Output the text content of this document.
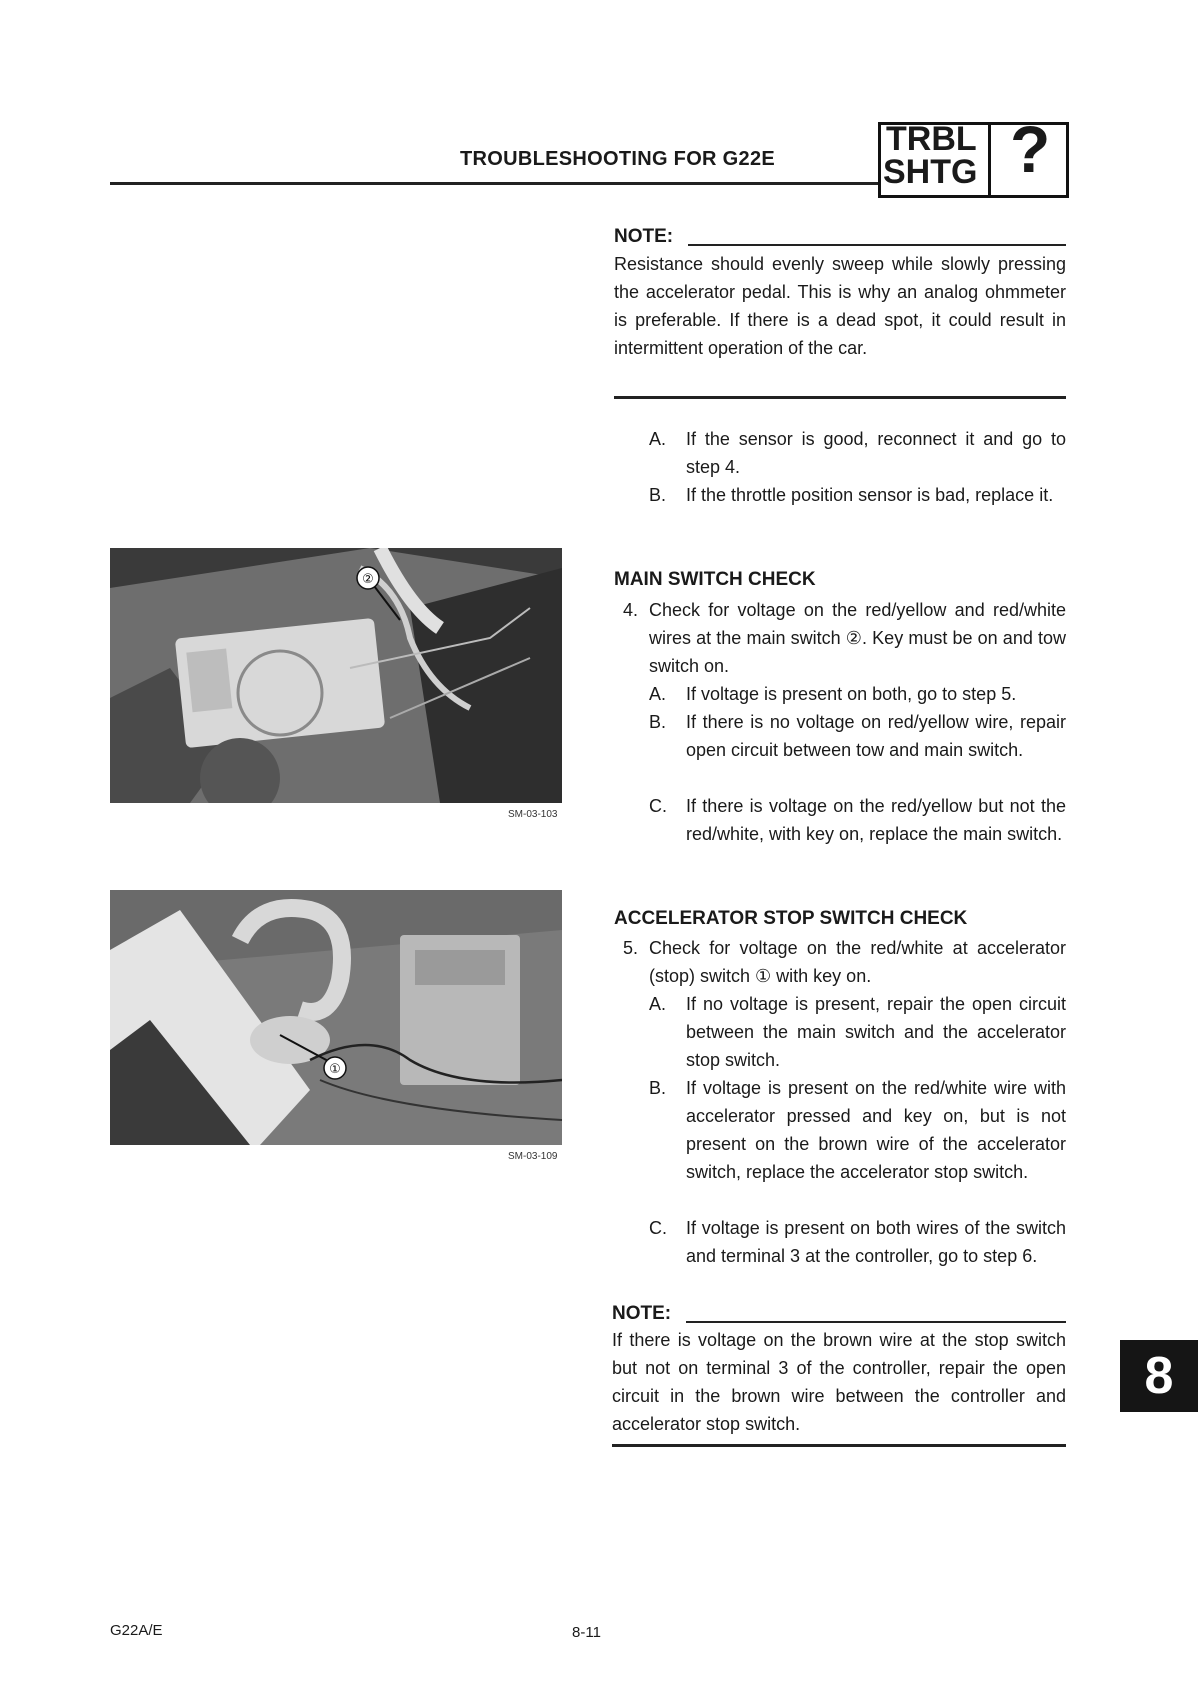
TROUBLESHOOTING FOR G22E
TRBL
SHTG ?
NOTE:
Resistance should evenly sweep while slowly pressing the accelerator pedal. This is why an analog ohmmeter is preferable. If there is a dead spot, it could result in intermittent operation of the car.
A. If the sensor is good, reconnect it and go to step 4.
B. If the throttle position sensor is bad, replace it.
MAIN SWITCH CHECK
4. Check for voltage on the red/yellow and red/white wires at the main switch ②. Key must be on and tow switch on.
A. If voltage is present on both, go to step 5.
B. If there is no voltage on red/yellow wire, repair open circuit between tow and main switch.
C. If there is voltage on the red/yellow but not the red/white, with key on, replace the main switch.
ACCELERATOR STOP SWITCH CHECK
5. Check for voltage on the red/white at accelerator (stop) switch ① with key on.
A. If no voltage is present, repair the open circuit between the main switch and the accelerator stop switch.
B. If voltage is present on the red/white wire with accelerator pressed and key on, but is not present on the brown wire of the accelerator switch, replace the accelerator stop switch.
C. If voltage is present on both wires of the switch and terminal 3 at the controller, go to step 6.
NOTE:
If there is voltage on the brown wire at the stop switch but not on terminal 3 of the controller, repair the open circuit in the brown wire between the controller and accelerator stop switch.
②
SM-03-103
①
SM-03-109
8
G22A/E	8-11
